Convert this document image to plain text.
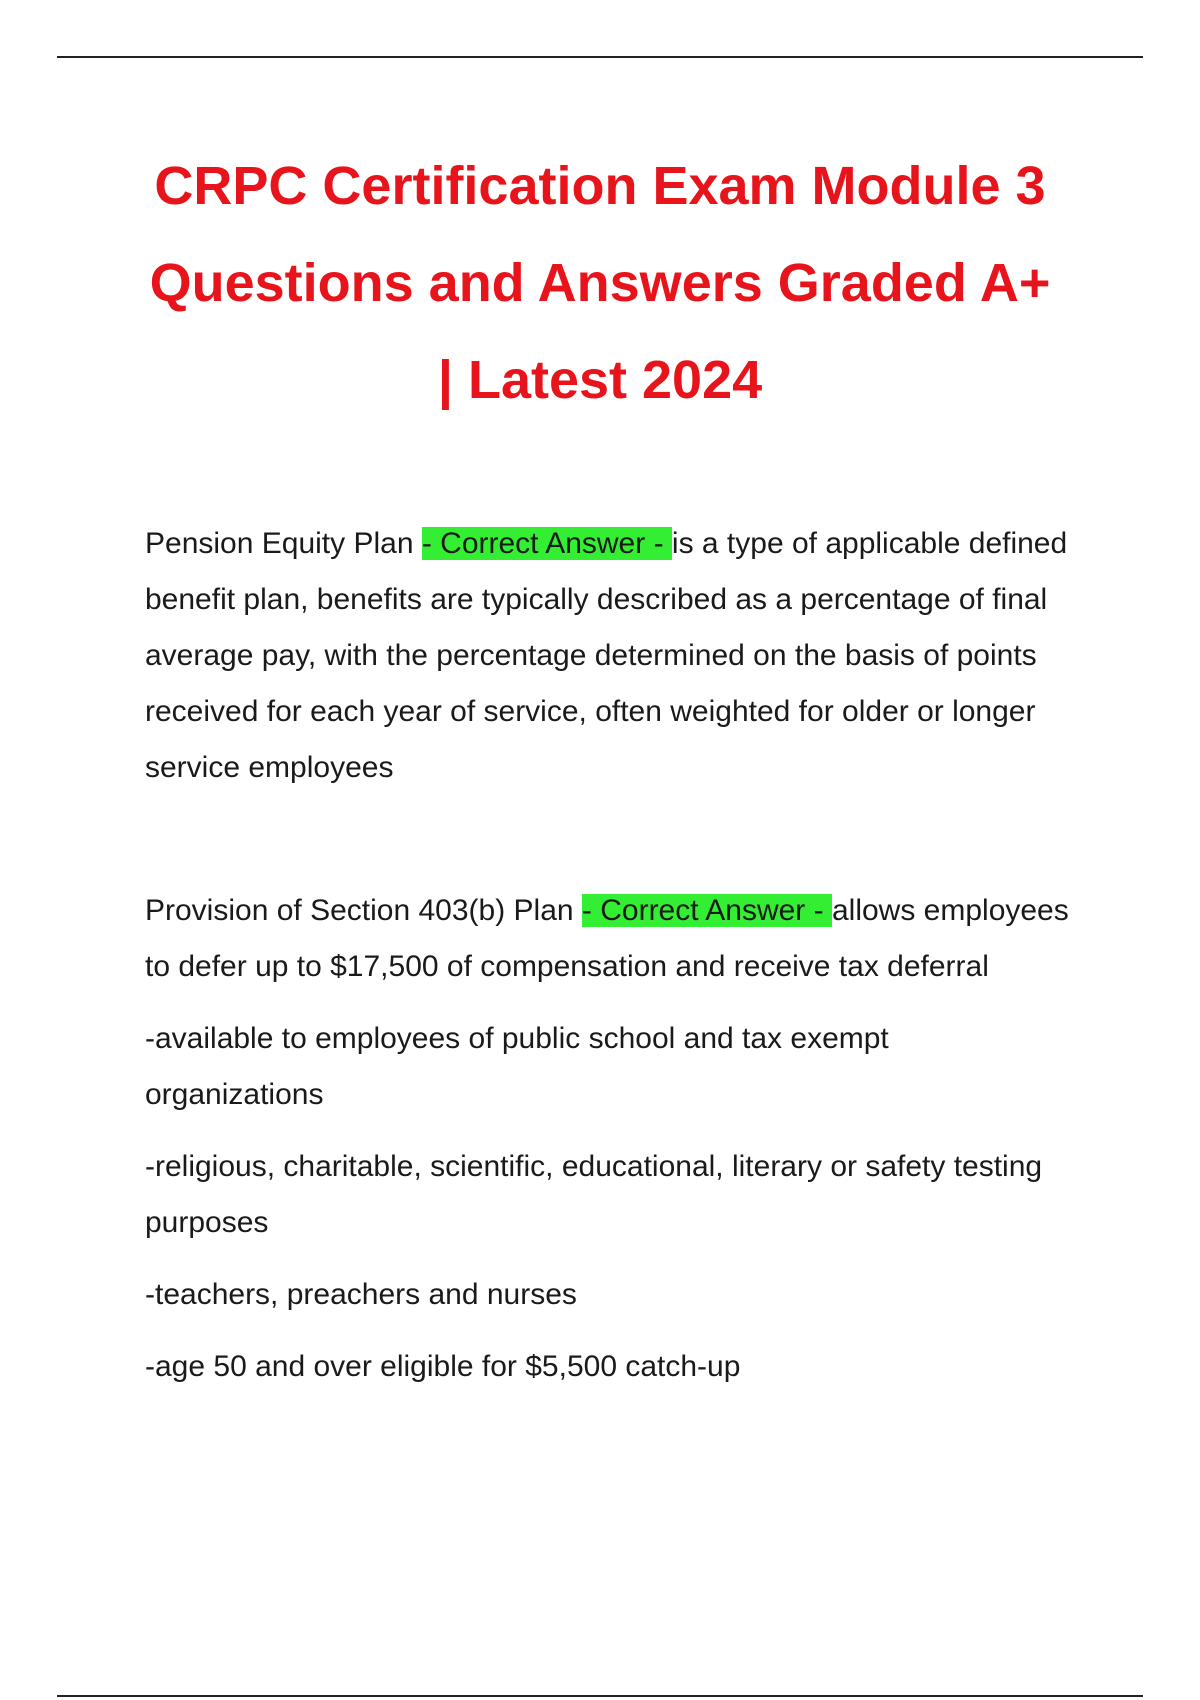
CRPC Certification Exam Module 3
Questions and Answers Graded A+
| Latest 2024
Pension Equity Plan - Correct Answer - is a type of applicable defined benefit plan, benefits are typically described as a percentage of final average pay, with the percentage determined on the basis of points received for each year of service, often weighted for older or longer service employees
Provision of Section 403(b) Plan - Correct Answer - allows employees to defer up to $17,500 of compensation and receive tax deferral
-available to employees of public school and tax exempt organizations
-religious, charitable, scientific, educational, literary or safety testing purposes
-teachers, preachers and nurses
-age 50 and over eligible for $5,500 catch-up
